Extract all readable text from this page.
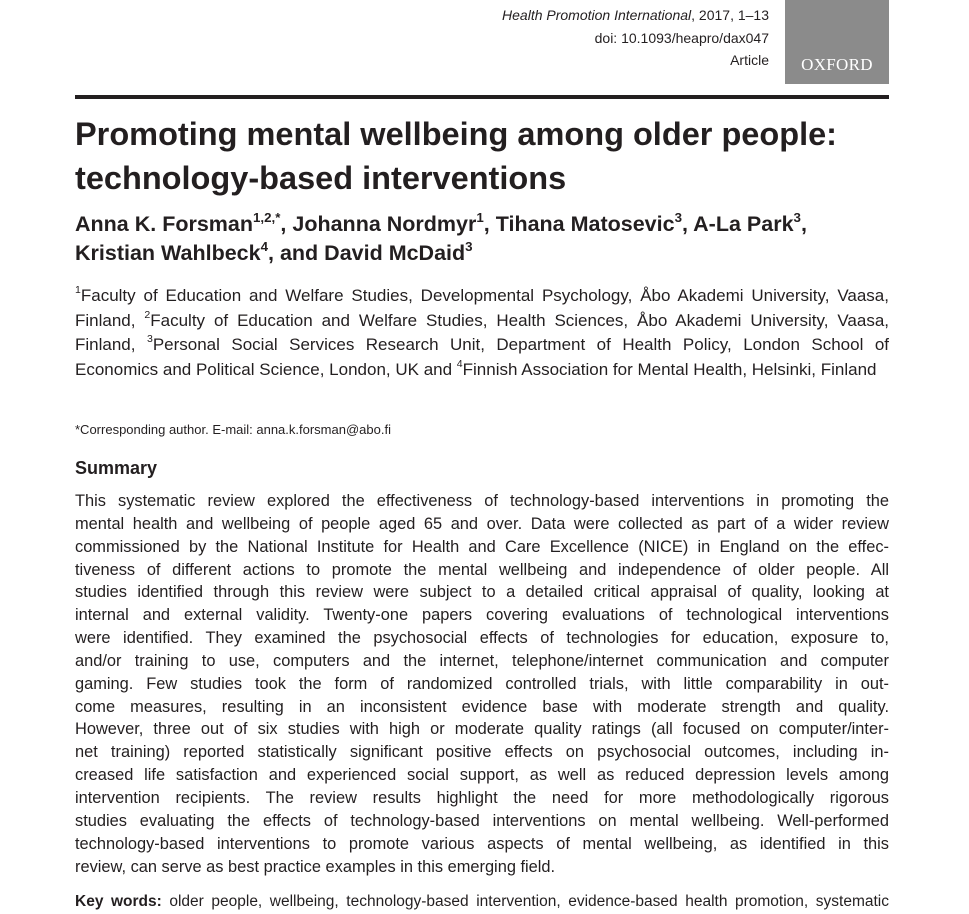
Health Promotion International, 2017, 1–13
doi: 10.1093/heapro/dax047
Article	OXFORD
Promoting mental wellbeing among older people:
technology-based interventions

Anna K. Forsman$^{1,2,*}$, Johanna Nordmyr$^1$, Tihana Matosevic$^3$, A-La Park$^3$,
Kristian Wahlbeck$^4$, and David McDaid$^3$

$^1$Faculty of Education and Welfare Studies, Developmental Psychology, Åbo Akademi University, Vaasa, Finland, $^2$Faculty of Education and Welfare Studies, Health Sciences, Åbo Akademi University, Vaasa, Finland, $^3$Personal Social Services Research Unit, Department of Health Policy, London School of Economics and Political Science, London, UK and $^4$Finnish Association for Mental Health, Helsinki, Finland

*Corresponding author. E-mail: anna.k.forsman@abo.fi

Summary

This systematic review explored the effectiveness of technology-based interventions in promoting the
mental health and wellbeing of people aged 65 and over. Data were collected as part of a wider review
commissioned by the National Institute for Health and Care Excellence (NICE) in England on the effec-
tiveness of different actions to promote the mental wellbeing and independence of older people. All
studies identified through this review were subject to a detailed critical appraisal of quality, looking at
internal and external validity. Twenty-one papers covering evaluations of technological interventions
were identified. They examined the psychosocial effects of technologies for education, exposure to,
and/or training to use, computers and the internet, telephone/internet communication and computer
gaming. Few studies took the form of randomized controlled trials, with little comparability in out-
come measures, resulting in an inconsistent evidence base with moderate strength and quality.
However, three out of six studies with high or moderate quality ratings (all focused on computer/inter-
net training) reported statistically significant positive effects on psychosocial outcomes, including in-
creased life satisfaction and experienced social support, as well as reduced depression levels among
intervention recipients. The review results highlight the need for more methodologically rigorous
studies evaluating the effects of technology-based interventions on mental wellbeing. Well-performed
technology-based interventions to promote various aspects of mental wellbeing, as identified in this
review, can serve as best practice examples in this emerging field.

Key words: older people, wellbeing, technology-based intervention, evidence-based health promotion, systematic
